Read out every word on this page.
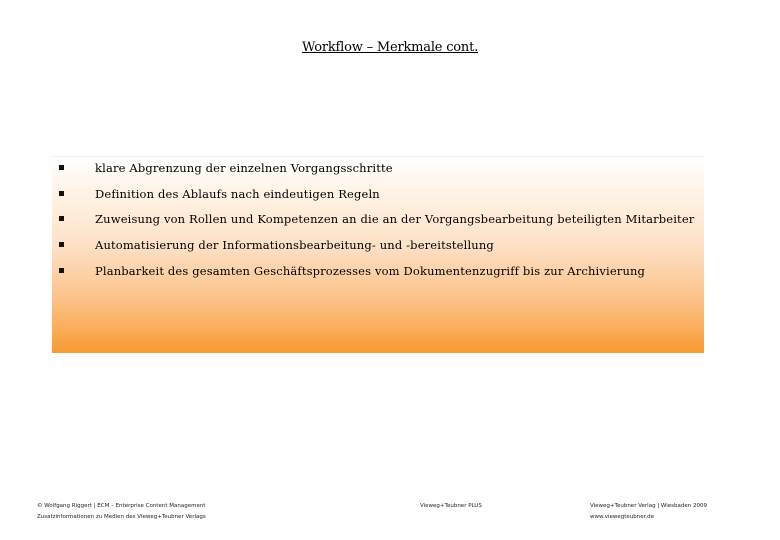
Workflow – Merkmale cont.
klare Abgrenzung der einzelnen Vorgangsschritte
Definition des Ablaufs nach eindeutigen Regeln
Zuweisung von Rollen und Kompetenzen an die an der Vorgangsbearbeitung beteiligten Mitarbeiter
Automatisierung der Informationsbearbeitung- und -bereitstellung
Planbarkeit des gesamten Geschäftsprozesses vom Dokumentenzugriff bis zur Archivierung
© Wolfgang Riggert | ECM – Enterprise Content Management
Zusatzinformationen zu Medien des Vieweg+Teubner Verlags
Vieweg+Teubner PLUS	Vieweg+Teubner Verlag | Wiesbaden 2009
www.viewegteubner.de
